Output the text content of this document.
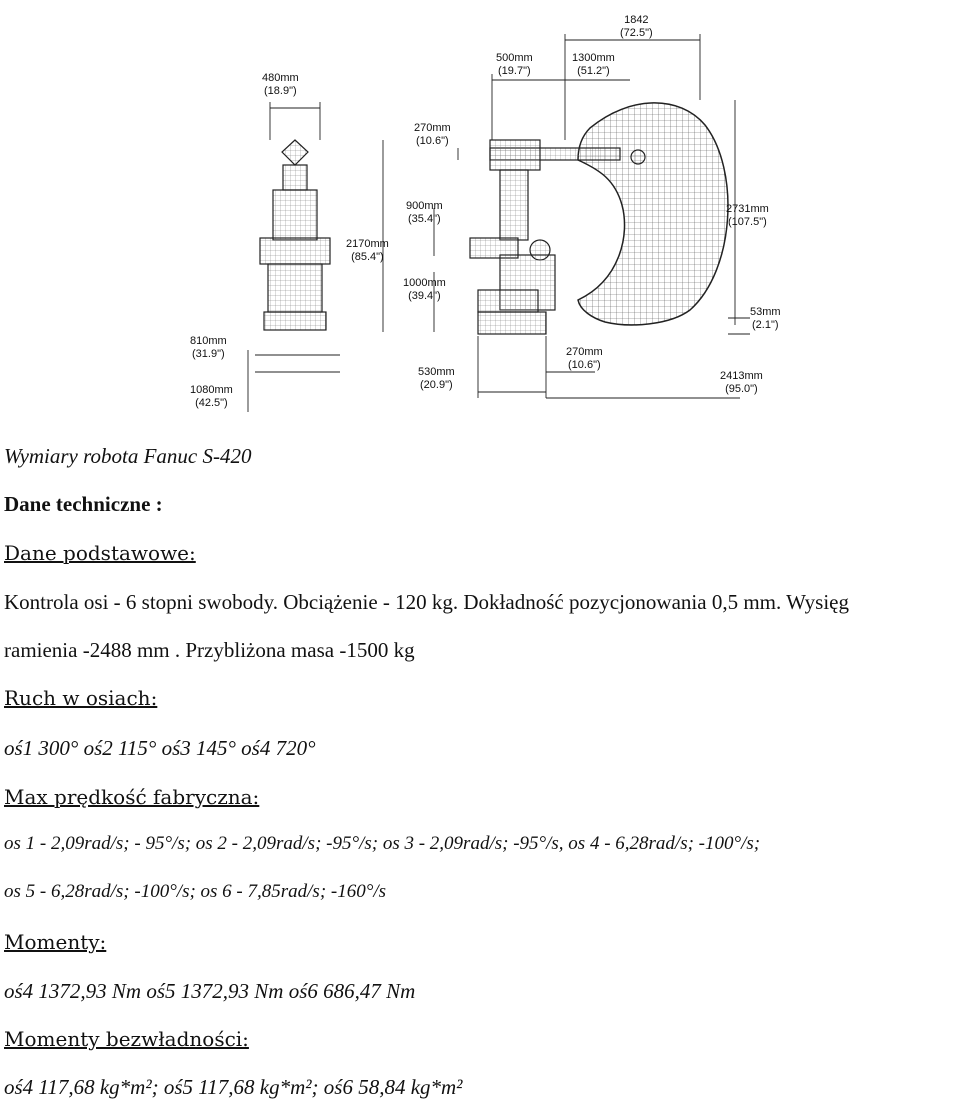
480mm
(18.9")
810mm
(31.9")
1080mm
(42.5")
2170mm
(85.4")
270mm
(10.6")
900mm
(35.4")
1000mm
(39.4")
530mm
(20.9")
500mm
(19.7")
1300mm
(51.2")
1842
(72.5")
2731mm
(107.5")
53mm
(2.1")
270mm
(10.6")
2413mm
(95.0")
Wymiary robota Fanuc S-420
Dane techniczne :
Dane podstawowe:
Kontrola osi - 6 stopni swobody. Obciążenie - 120 kg. Dokładność pozycjonowania 0,5 mm. Wysięg
ramienia -2488 mm . Przybliżona masa -1500 kg
Ruch w osiach:
oś1 300° oś2 115° oś3 145° oś4 720°
Max prędkość fabryczna:
os 1 - 2,09rad/s; - 95°/s; os 2 - 2,09rad/s; -95°/s; os 3 - 2,09rad/s; -95°/s, os 4 - 6,28rad/s; -100°/s;
os 5 - 6,28rad/s; -100°/s; os 6 - 7,85rad/s; -160°/s
Momenty:
oś4 1372,93 Nm oś5 1372,93 Nm oś6 686,47 Nm
Momenty bezwładności:
oś4 117,68 kg*m²; oś5 117,68 kg*m²; oś6 58,84 kg*m²
